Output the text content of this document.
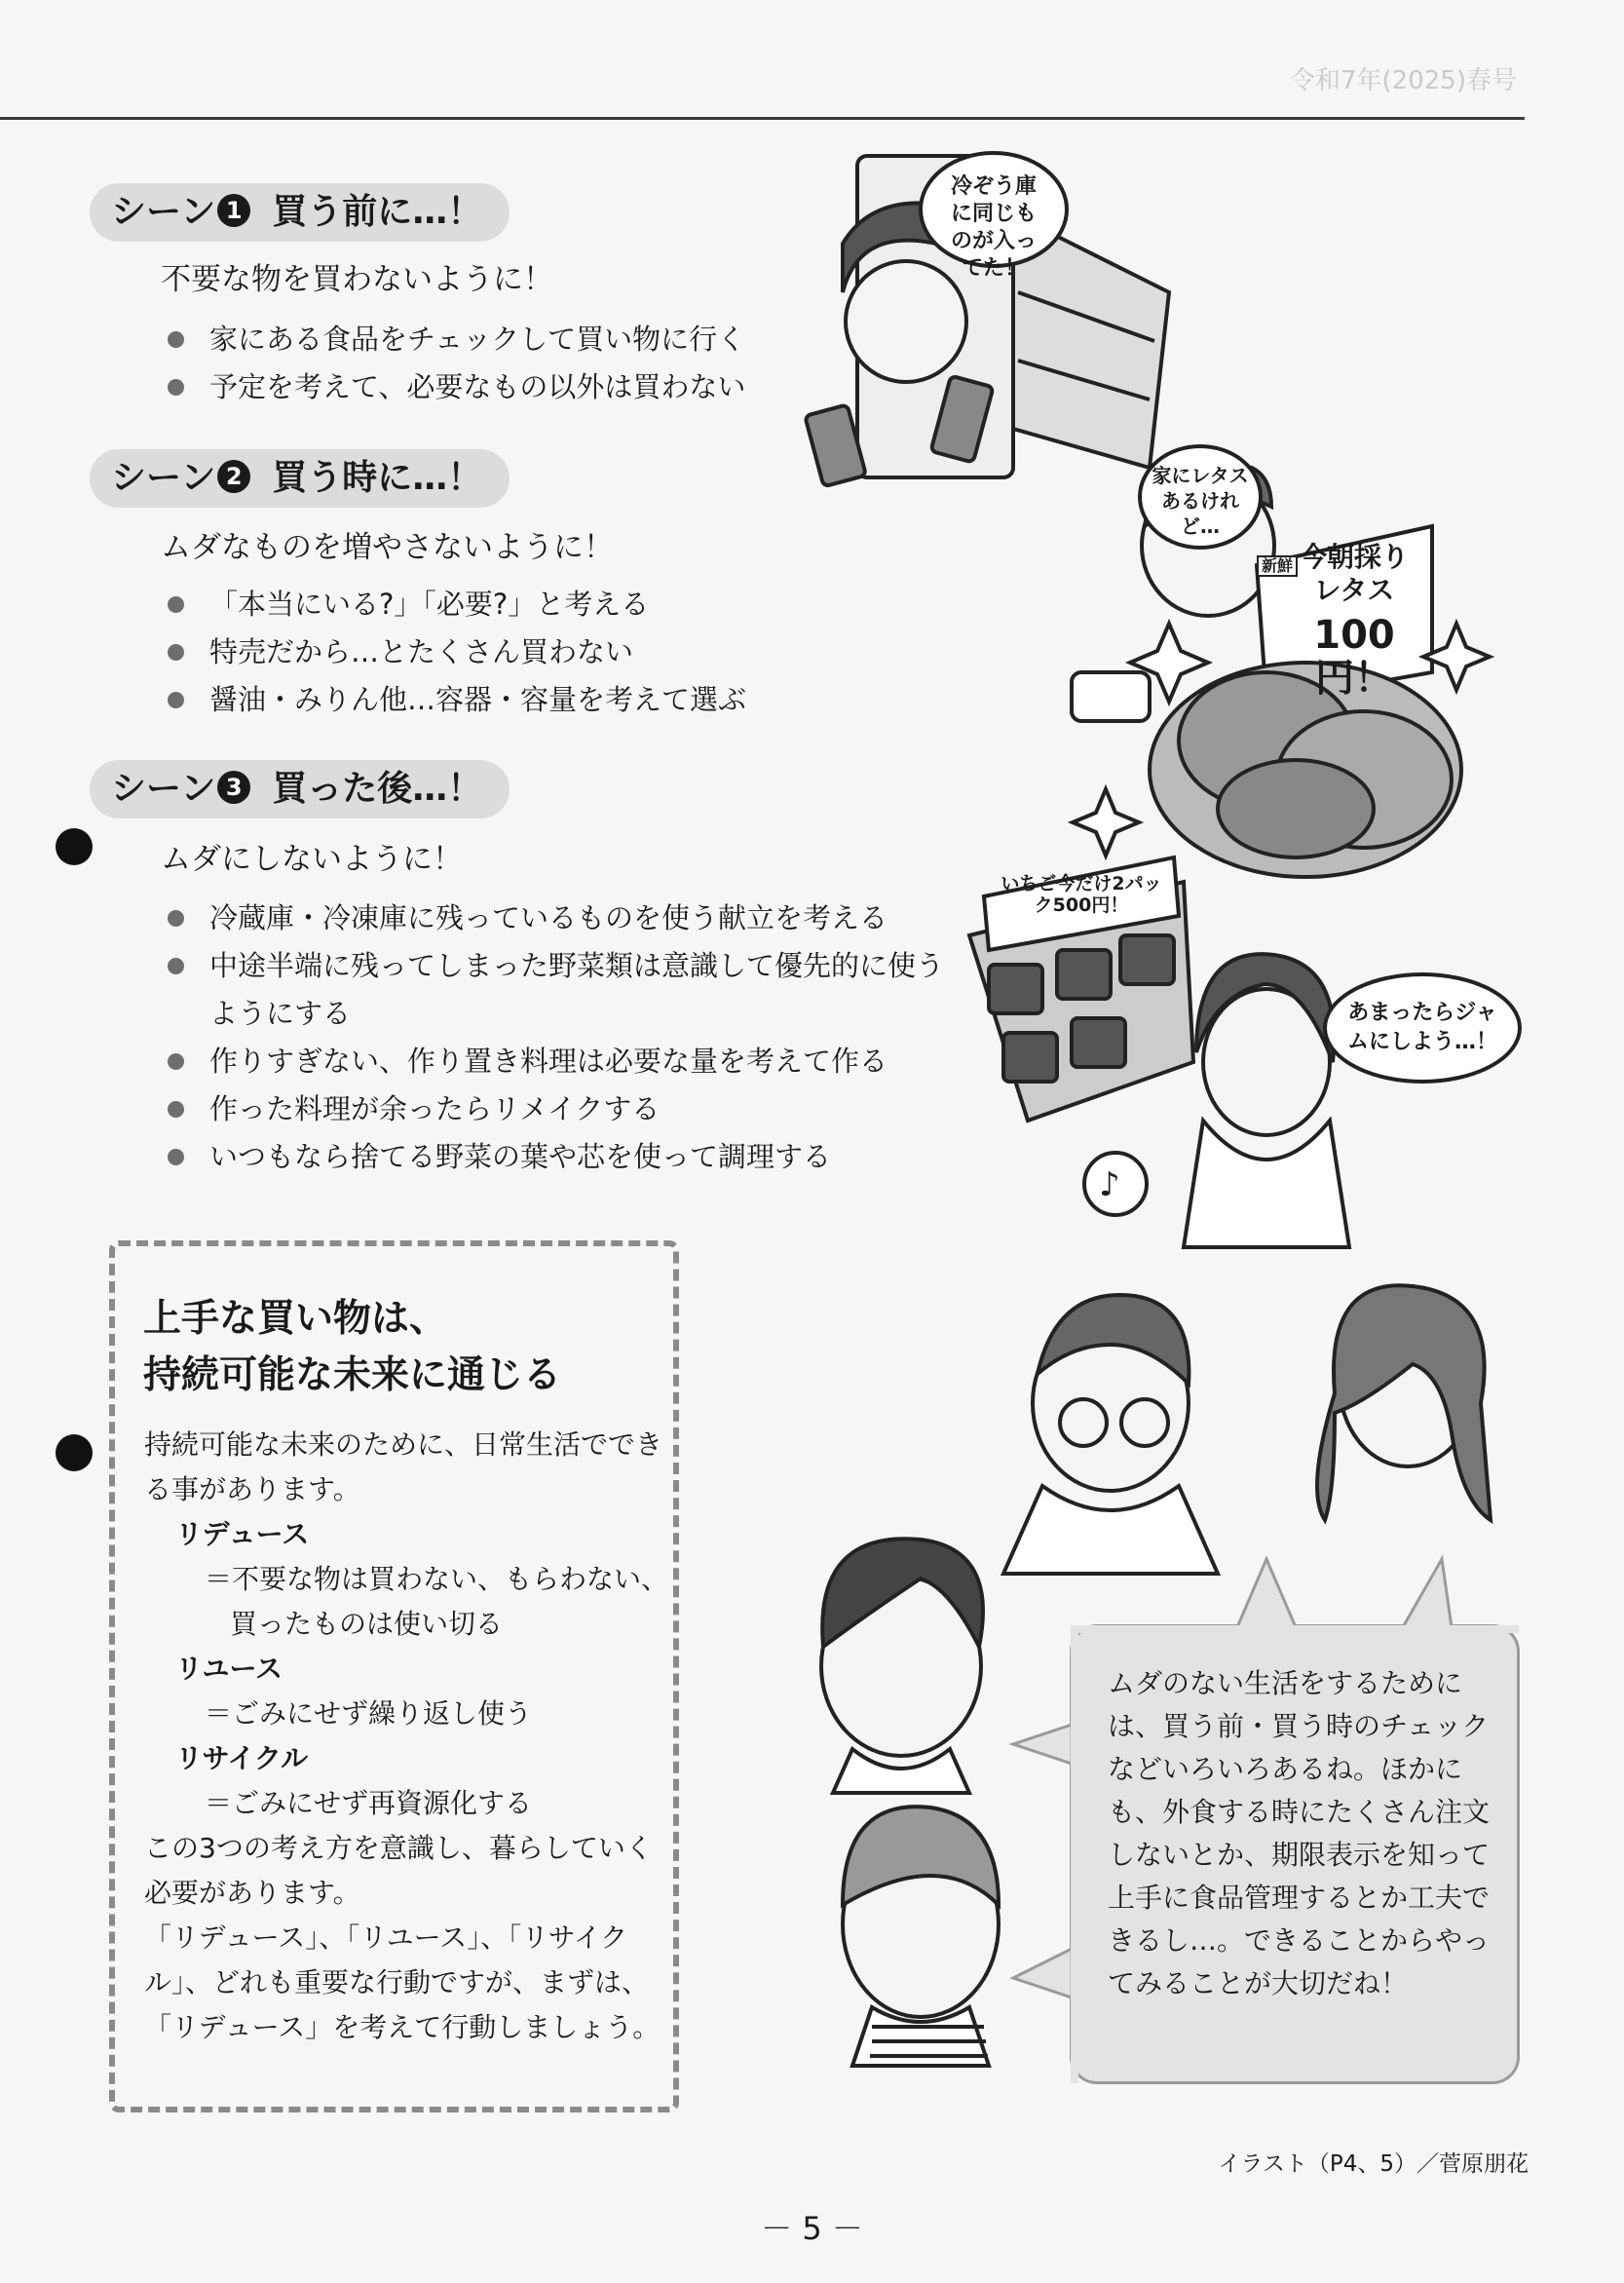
令和7年(2025)春号
シーン 1 買う前に…！
不要な物を買わないように！
家にある食品をチェックして買い物に行く
予定を考えて、必要なもの以外は買わない
シーン 2 買う時に…！
ムダなものを増やさないように！
「本当にいる?」「必要?」と考える
特売だから…とたくさん買わない
醤油・みりん他…容器・容量を考えて選ぶ
シーン 3 買った後…！
ムダにしないように！
冷蔵庫・冷凍庫に残っているものを使う献立を考える
中途半端に残ってしまった野菜類は意識して優先的に使うようにする
作りすぎない、作り置き料理は必要な量を考えて作る
作った料理が余ったらリメイクする
いつもなら捨てる野菜の葉や芯を使って調理する
上手な買い物は、
持続可能な未来に通じる

持続可能な未来のために、日常生活でできる事があります。

リデュース

＝不要な物は買わない、もらわない、

買ったものは使い切る

リユース

＝ごみにせず繰り返し使う

リサイクル

＝ごみにせず再資源化する

この3つの考え方を意識し、暮らしていく必要があります。

「リデュース」、「リユース」、「リサイクル」、どれも重要な行動ですが、まずは、「リデュース」を考えて行動しましょう。

♪
冷ぞう庫に同じものが入ってた！
家にレタスあるけれど…
新鮮 今朝採りレタス
100円！
いちご今だけ2パック500円！
あまったらジャムにしよう…！
ムダのない生活をするためには、買う前・買う時のチェックなどいろいろあるね。ほかにも、外食する時にたくさん注文しないとか、期限表示を知って上手に食品管理するとか工夫できるし…。できることからやってみることが大切だね！
イラスト（P4、5）／菅原朋花
－ 5 －
